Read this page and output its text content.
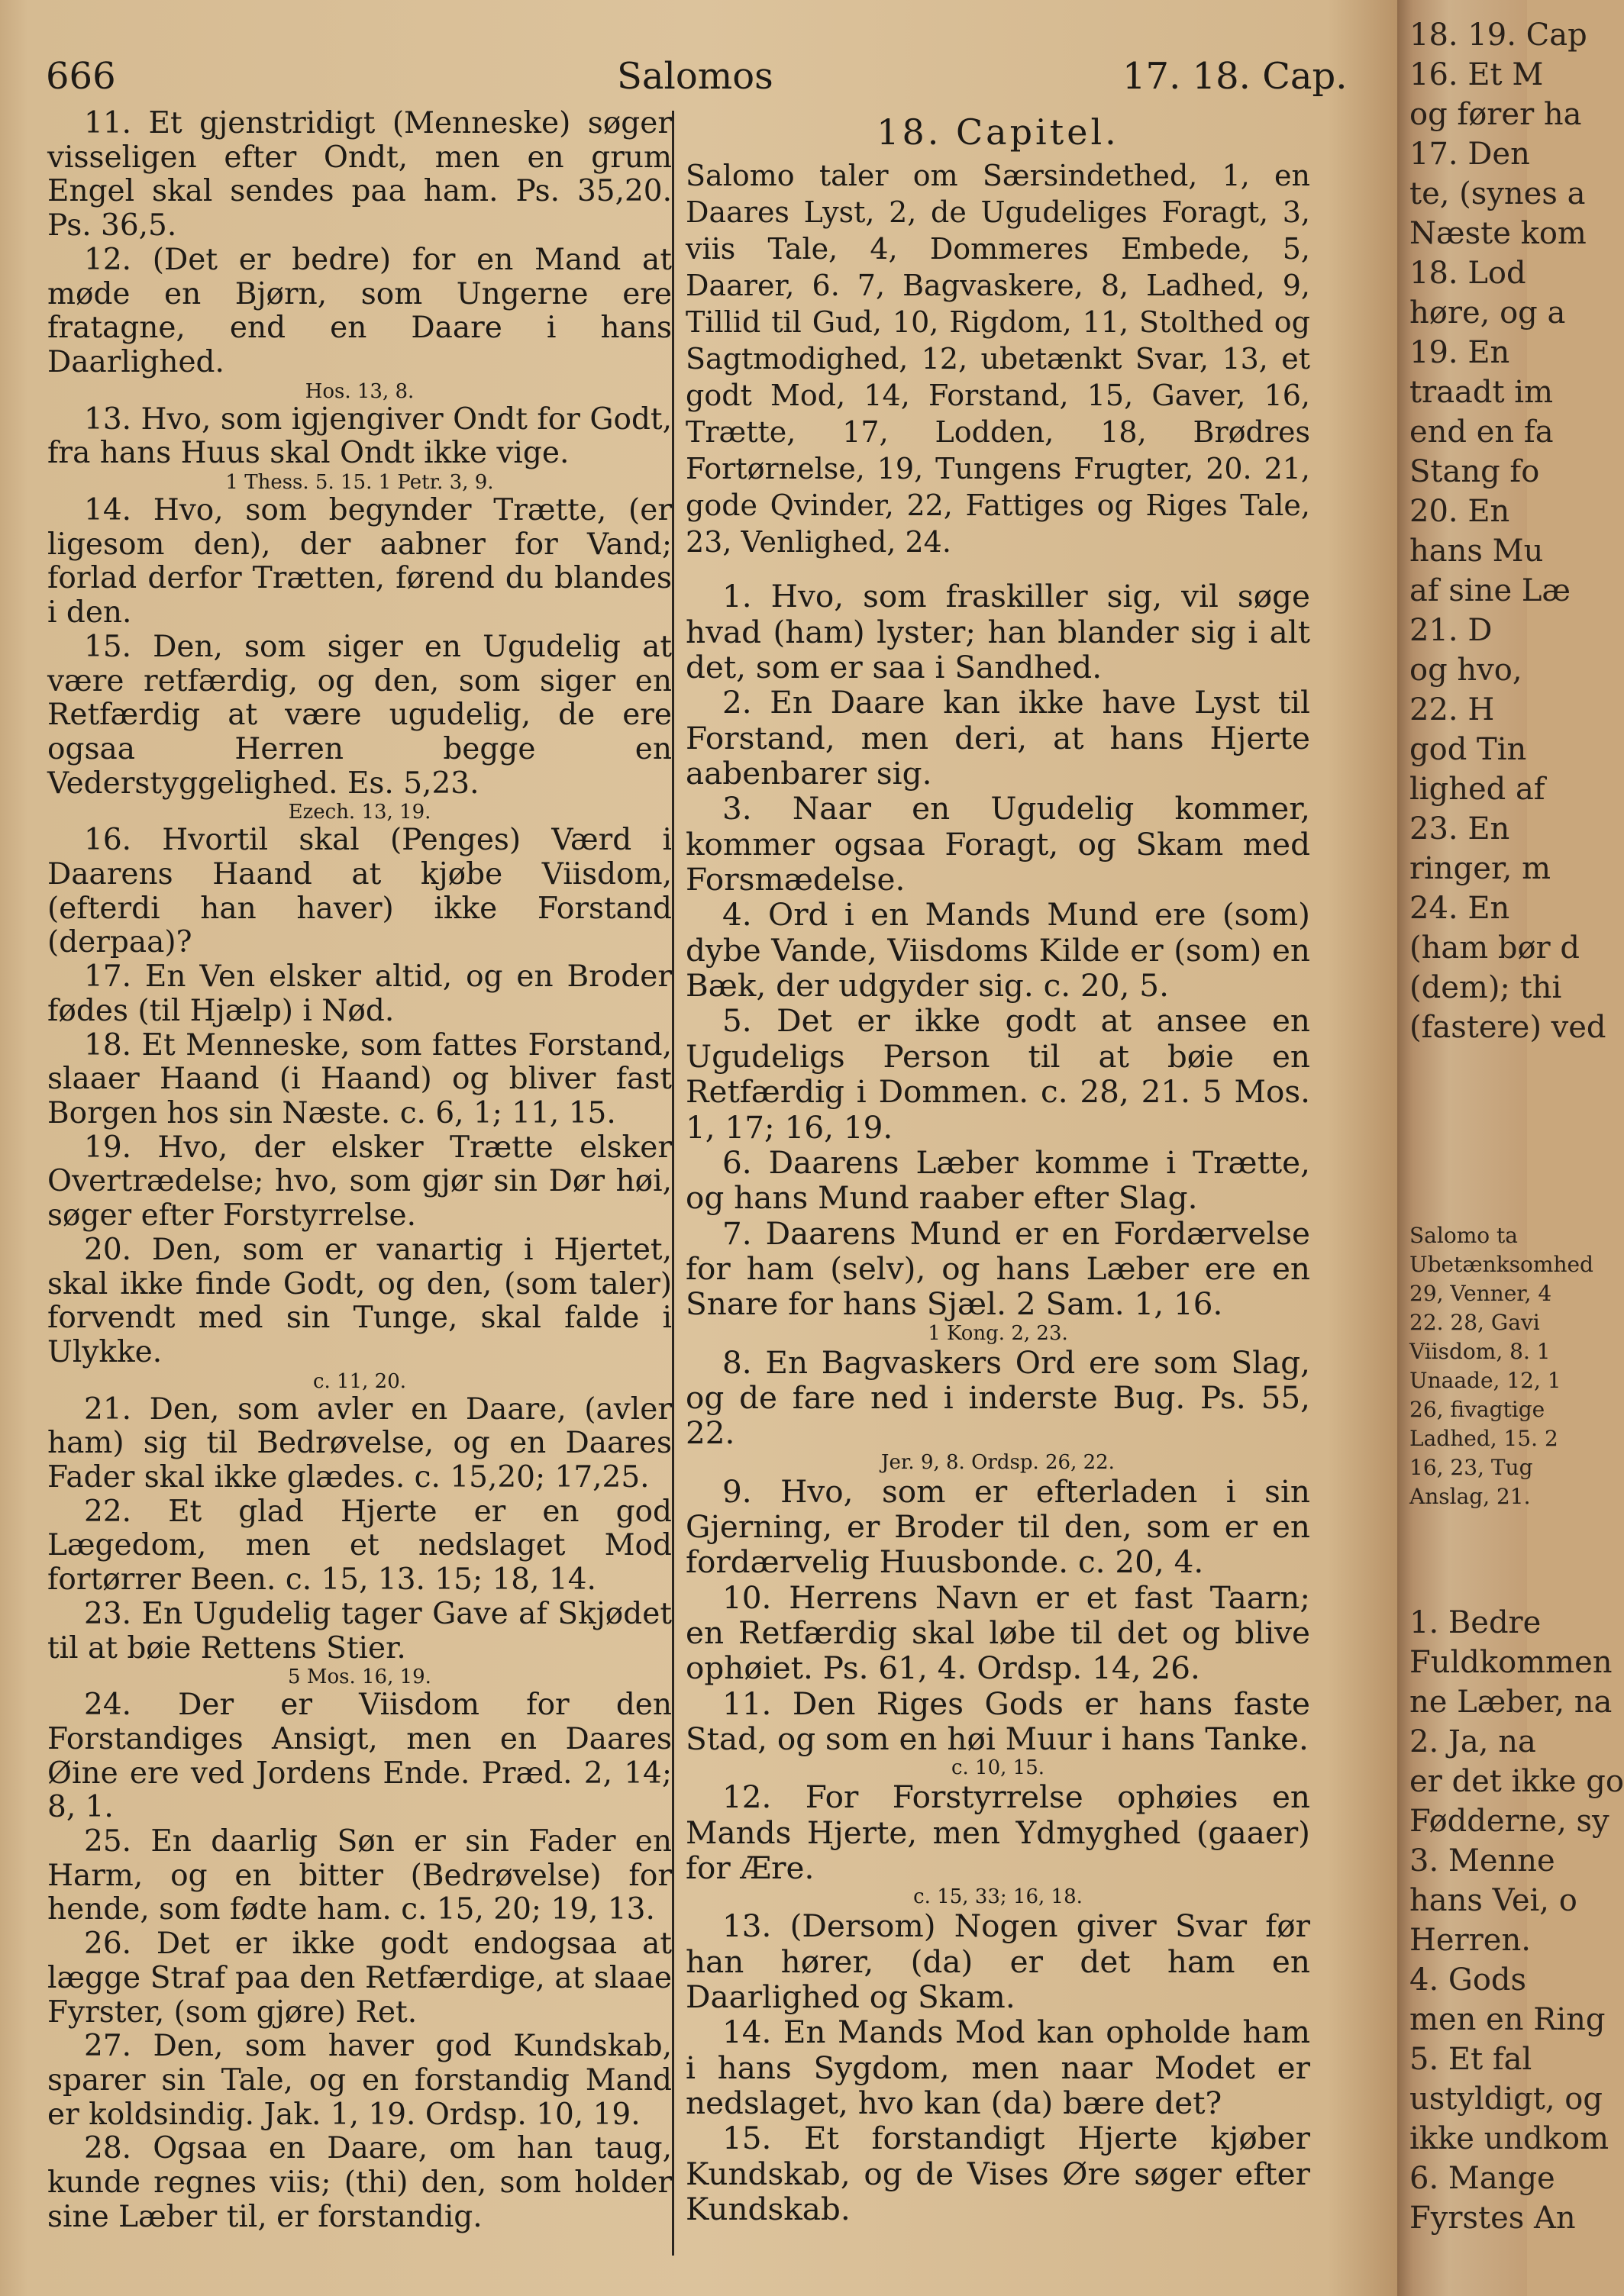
666	Salomos	17. 18. Cap.

11. Et gjenstridigt (Menneske) søger visseligen efter Ondt, men en grum Engel skal sendes paa ham. Ps. 35,20. Ps. 36,5.

12. (Det er bedre) for en Mand at møde en Bjørn, som Ungerne ere fratagne, end en Daare i hans Daarlighed.

Hos. 13, 8.

13. Hvo, som igjengiver Ondt for Godt, fra hans Huus skal Ondt ikke vige.

1 Thess. 5. 15. 1 Petr. 3, 9.

14. Hvo, som begynder Trætte, (er ligesom den), der aabner for Vand; forlad derfor Trætten, førend du blandes i den.

15. Den, som siger en Ugudelig at være retfærdig, og den, som siger en Retfærdig at være ugudelig, de ere ogsaa Herren begge en Vederstyggelighed. Es. 5,23.

Ezech. 13, 19.

16. Hvortil skal (Penges) Værd i Daarens Haand at kjøbe Viisdom, (efterdi han haver) ikke Forstand (derpaa)?

17. En Ven elsker altid, og en Broder fødes (til Hjælp) i Nød.

18. Et Menneske, som fattes Forstand, slaaer Haand (i Haand) og bliver fast Borgen hos sin Næste. c. 6, 1; 11, 15.

19. Hvo, der elsker Trætte elsker Overtrædelse; hvo, som gjør sin Dør høi, søger efter Forstyrrelse.

20. Den, som er vanartig i Hjertet, skal ikke finde Godt, og den, (som taler) forvendt med sin Tunge, skal falde i Ulykke.

c. 11, 20.

21. Den, som avler en Daare, (avler ham) sig til Bedrøvelse, og en Daares Fader skal ikke glædes. c. 15,20; 17,25.

22. Et glad Hjerte er en god Lægedom, men et nedslaget Mod fortørrer Been. c. 15, 13. 15; 18, 14.

23. En Ugudelig tager Gave af Skjødet til at bøie Rettens Stier.

5 Mos. 16, 19.

24. Der er Viisdom for den Forstandiges Ansigt, men en Daares Øine ere ved Jordens Ende. Præd. 2, 14; 8, 1.

25. En daarlig Søn er sin Fader en Harm, og en bitter (Bedrøvelse) for hende, som fødte ham. c. 15, 20; 19, 13.

26. Det er ikke godt endogsaa at lægge Straf paa den Retfærdige, at slaae Fyrster, (som gjøre) Ret.

27. Den, som haver god Kundskab, sparer sin Tale, og en forstandig Mand er koldsindig. Jak. 1, 19. Ordsp. 10, 19.

28. Ogsaa en Daare, om han taug, kunde regnes viis; (thi) den, som holder sine Læber til, er forstandig.

18. Capitel.

Salomo taler om Særsindethed, 1, en Daares Lyst, 2, de Ugudeliges Foragt, 3, viis Tale, 4, Dommeres Embede, 5, Daarer, 6. 7, Bagvaskere, 8, Ladhed, 9, Tillid til Gud, 10, Rigdom, 11, Stolthed og Sagtmodighed, 12, ubetænkt Svar, 13, et godt Mod, 14, Forstand, 15, Gaver, 16, Trætte, 17, Lodden, 18, Brødres Fortørnelse, 19, Tungens Frugter, 20. 21, gode Qvinder, 22, Fattiges og Riges Tale, 23, Venlighed, 24.

1. Hvo, som fraskiller sig, vil søge hvad (ham) lyster; han blander sig i alt det, som er saa i Sandhed.

2. En Daare kan ikke have Lyst til Forstand, men deri, at hans Hjerte aabenbarer sig.

3. Naar en Ugudelig kommer, kommer ogsaa Foragt, og Skam med Forsmædelse.

4. Ord i en Mands Mund ere (som) dybe Vande, Viisdoms Kilde er (som) en Bæk, der udgyder sig. c. 20, 5.

5. Det er ikke godt at ansee en Ugudeligs Person til at bøie en Retfærdig i Dommen. c. 28, 21. 5 Mos. 1, 17; 16, 19.

6. Daarens Læber komme i Trætte, og hans Mund raaber efter Slag.

7. Daarens Mund er en Fordærvelse for ham (selv), og hans Læber ere en Snare for hans Sjæl. 2 Sam. 1, 16.

1 Kong. 2, 23.

8. En Bagvaskers Ord ere som Slag, og de fare ned i inderste Bug. Ps. 55, 22.

Jer. 9, 8. Ordsp. 26, 22.

9. Hvo, som er efterladen i sin Gjerning, er Broder til den, som er en fordærvelig Huusbonde. c. 20, 4.

10. Herrens Navn er et fast Taarn; en Retfærdig skal løbe til det og blive ophøiet. Ps. 61, 4. Ordsp. 14, 26.

11. Den Riges Gods er hans faste Stad, og som en høi Muur i hans Tanke.

c. 10, 15.

12. For Forstyrrelse ophøies en Mands Hjerte, men Ydmyghed (gaaer) for Ære.

c. 15, 33; 16, 18.

13. (Dersom) Nogen giver Svar før han hører, (da) er det ham en Daarlighed og Skam.

14. En Mands Mod kan opholde ham i hans Sygdom, men naar Modet er nedslaget, hvo kan (da) bære det?

15. Et forstandigt Hjerte kjøber Kundskab, og de Vises Øre søger efter Kundskab.

18. 19. Cap

16. Et M

og fører ha

17. Den

te, (synes a

Næste kom

18. Lod

høre, og a

19. En

traadt im

end en fa

Stang fo

20. En

hans Mu

af sine Læ

21. D

og hvo,

22. H

god Tin

lighed af

23. En

ringer, m

24. En

(ham bør d

(dem); thi

(fastere) ved

Salomo ta

Ubetænksomhed

29, Venner, 4

22. 28, Gavi

Viisdom, 8. 1

Unaade, 12, 1

26, fivagtige

Ladhed, 15. 2

16, 23, Tug

Anslag, 21.

1. Bedre

Fuldkommen

ne Læber, na

2. Ja, na

er det ikke go

Fødderne, sy

3. Menne

hans Vei, o

Herren.

4. Gods

men en Ring

5. Et fal

ustyldigt, og

ikke undkom

6. Mange

Fyrstes An
